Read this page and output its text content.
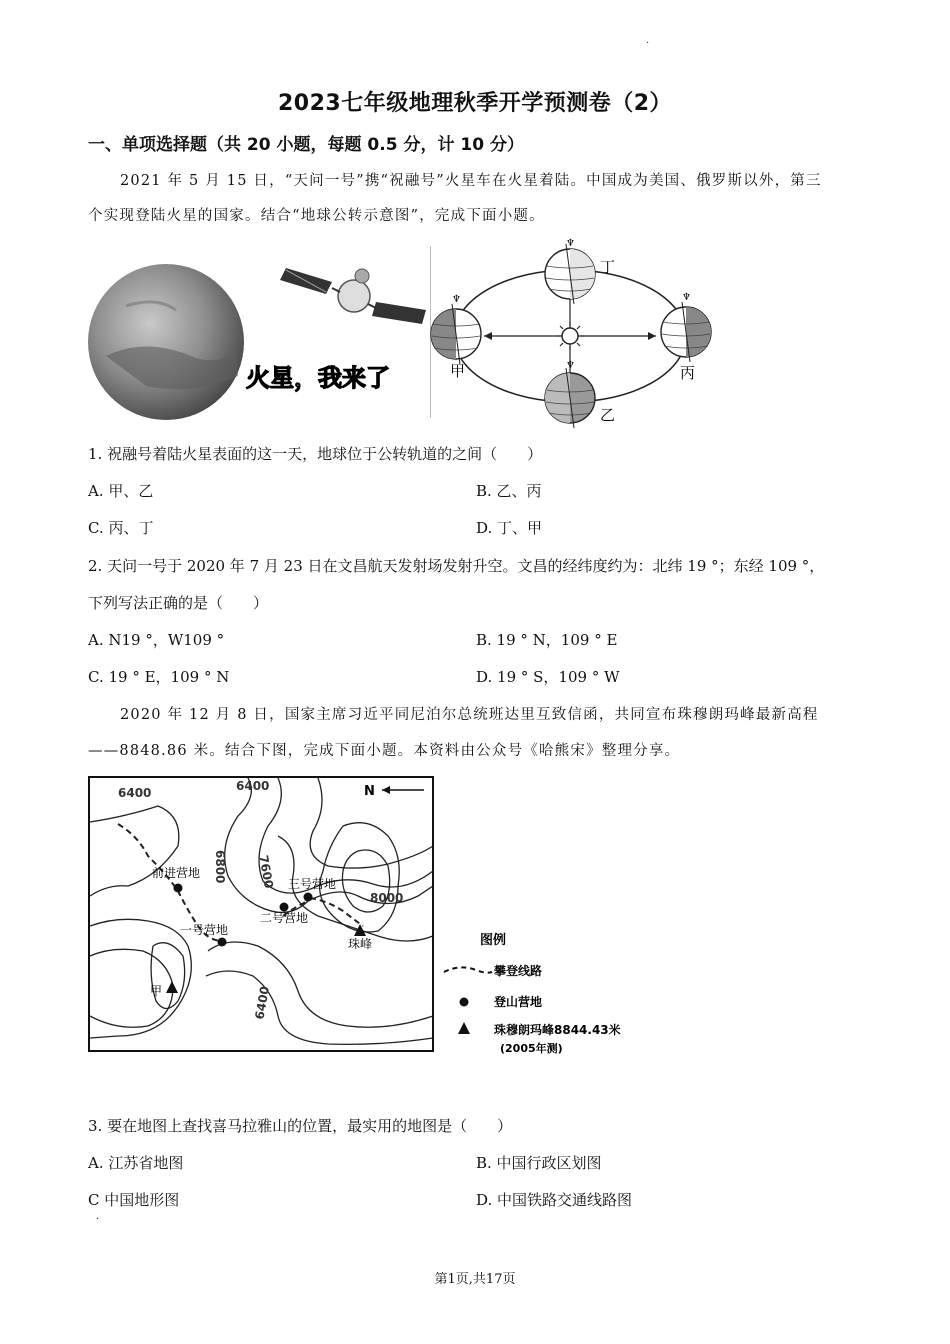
2023七年级地理秋季开学预测卷（2）
·
一、单项选择题（共 20 小题，每题 0.5 分，计 10 分）
2021 年 5 月 15 日，“天问一号”携“祝融号”火星车在火星着陆。中国成为美国、俄罗斯以外，第三
个实现登陆火星的国家。结合“地球公转示意图”，完成下面小题。
火星，我来了
♆
♆
♆
♆
甲
丁
丙
乙
1. 祝融号着陆火星表面的这一天，地球位于公转轨道的之间（　　）
A. 甲、乙	B. 乙、丙
C. 丙、丁	D. 丁、甲
2. 天问一号于 2020 年 7 月 23 日在文昌航天发射场发射升空。文昌的经纬度约为：北纬 19 °；东经 109 °，
下列写法正确的是（　　）
A. N19 °，W109 °	B. 19 ° N，109 ° E
C. 19 ° E，109 ° N	D. 19 ° S，109 ° W
2020 年 12 月 8 日，国家主席习近平同尼泊尔总统班达里互致信函，共同宣布珠穆朗玛峰最新高程
——8848.86 米。结合下图，完成下面小题。本资料由公众号《哈熊宋》整理分享。
N
6400	6400
6800 7600
8000
6400
前进营地
一号营地
二号营地
三号营地
珠峰
甲
图例
攀登线路
登山营地
珠穆朗玛峰8844.43米
(2005年测)
3. 要在地图上查找喜马拉雅山的位置，最实用的地图是（　　）
A. 江苏省地图	B. 中国行政区划图
C 中国地形图	D. 中国铁路交通线路图
·
第1页,共17页
